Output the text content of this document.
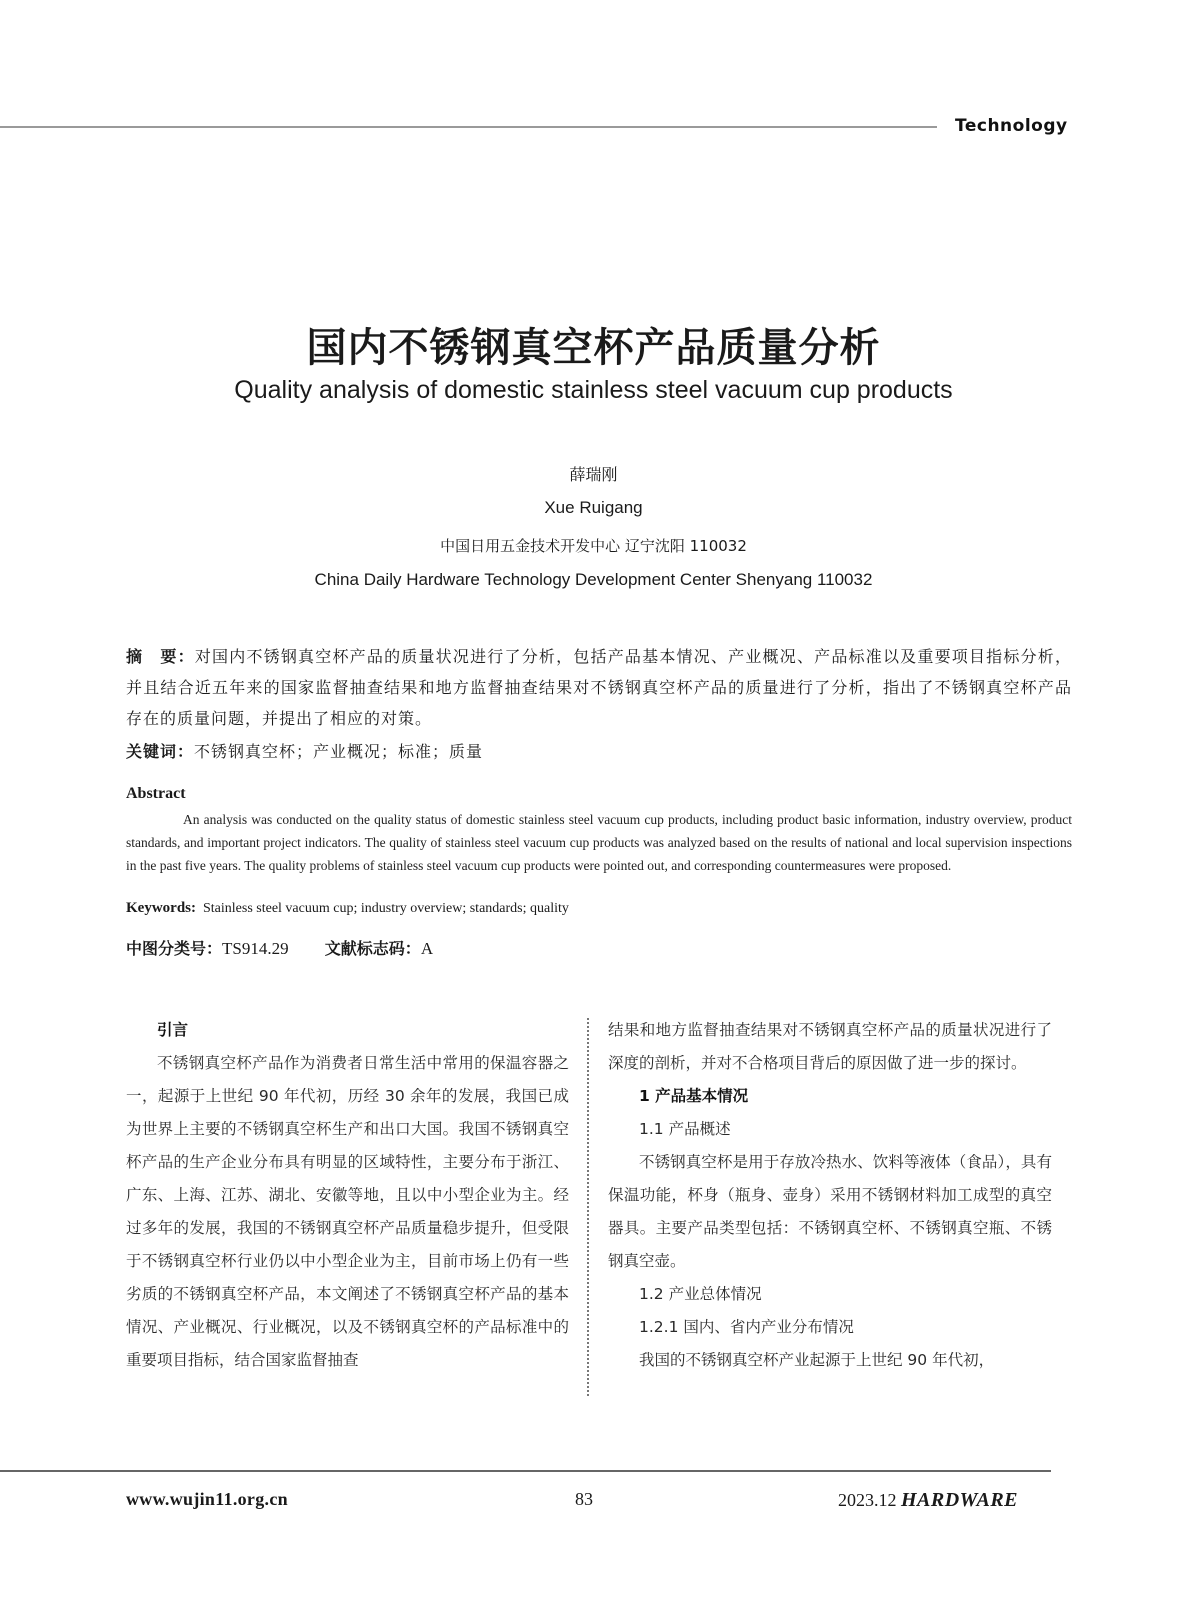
Technology
国内不锈钢真空杯产品质量分析
Quality analysis of domestic stainless steel vacuum cup products
薛瑞刚
Xue Ruigang
中国日用五金技术开发中心 辽宁沈阳 110032
China Daily Hardware Technology Development Center Shenyang 110032
摘　要：对国内不锈钢真空杯产品的质量状况进行了分析，包括产品基本情况、产业概况、产品标准以及重要项目指标分析，并且结合近五年来的国家监督抽查结果和地方监督抽查结果对不锈钢真空杯产品的质量进行了分析，指出了不锈钢真空杯产品存在的质量问题，并提出了相应的对策。
关键词：不锈钢真空杯；产业概况；标准；质量
Abstract
An analysis was conducted on the quality status of domestic stainless steel vacuum cup products, including product basic information, industry overview, product standards, and important project indicators. The quality of stainless steel vacuum cup products was analyzed based on the results of national and local supervision inspections in the past five years. The quality problems of stainless steel vacuum cup products were pointed out, and corresponding countermeasures were proposed.
Keywords: Stainless steel vacuum cup; industry overview; standards; quality
中图分类号：TS914.29 文献标志码：A
引言

不锈钢真空杯产品作为消费者日常生活中常用的保温容器之一，起源于上世纪 90 年代初，历经 30 余年的发展，我国已成为世界上主要的不锈钢真空杯生产和出口大国。我国不锈钢真空杯产品的生产企业分布具有明显的区域特性，主要分布于浙江、广东、上海、江苏、湖北、安徽等地，且以中小型企业为主。经过多年的发展，我国的不锈钢真空杯产品质量稳步提升，但受限于不锈钢真空杯行业仍以中小型企业为主，目前市场上仍有一些劣质的不锈钢真空杯产品，本文阐述了不锈钢真空杯产品的基本情况、产业概况、行业概况，以及不锈钢真空杯的产品标准中的重要项目指标，结合国家监督抽查

结果和地方监督抽查结果对不锈钢真空杯产品的质量状况进行了深度的剖析，并对不合格项目背后的原因做了进一步的探讨。

1 产品基本情况
1.1 产品概述

不锈钢真空杯是用于存放冷热水、饮料等液体（食品），具有保温功能，杯身（瓶身、壶身）采用不锈钢材料加工成型的真空器具。主要产品类型包括：不锈钢真空杯、不锈钢真空瓶、不锈钢真空壶。

1.2 产业总体情况
1.2.1 国内、省内产业分布情况

我国的不锈钢真空杯产业起源于上世纪 90 年代初，

www.wujin11.org.cn	83	2023.12 HARDWARE
